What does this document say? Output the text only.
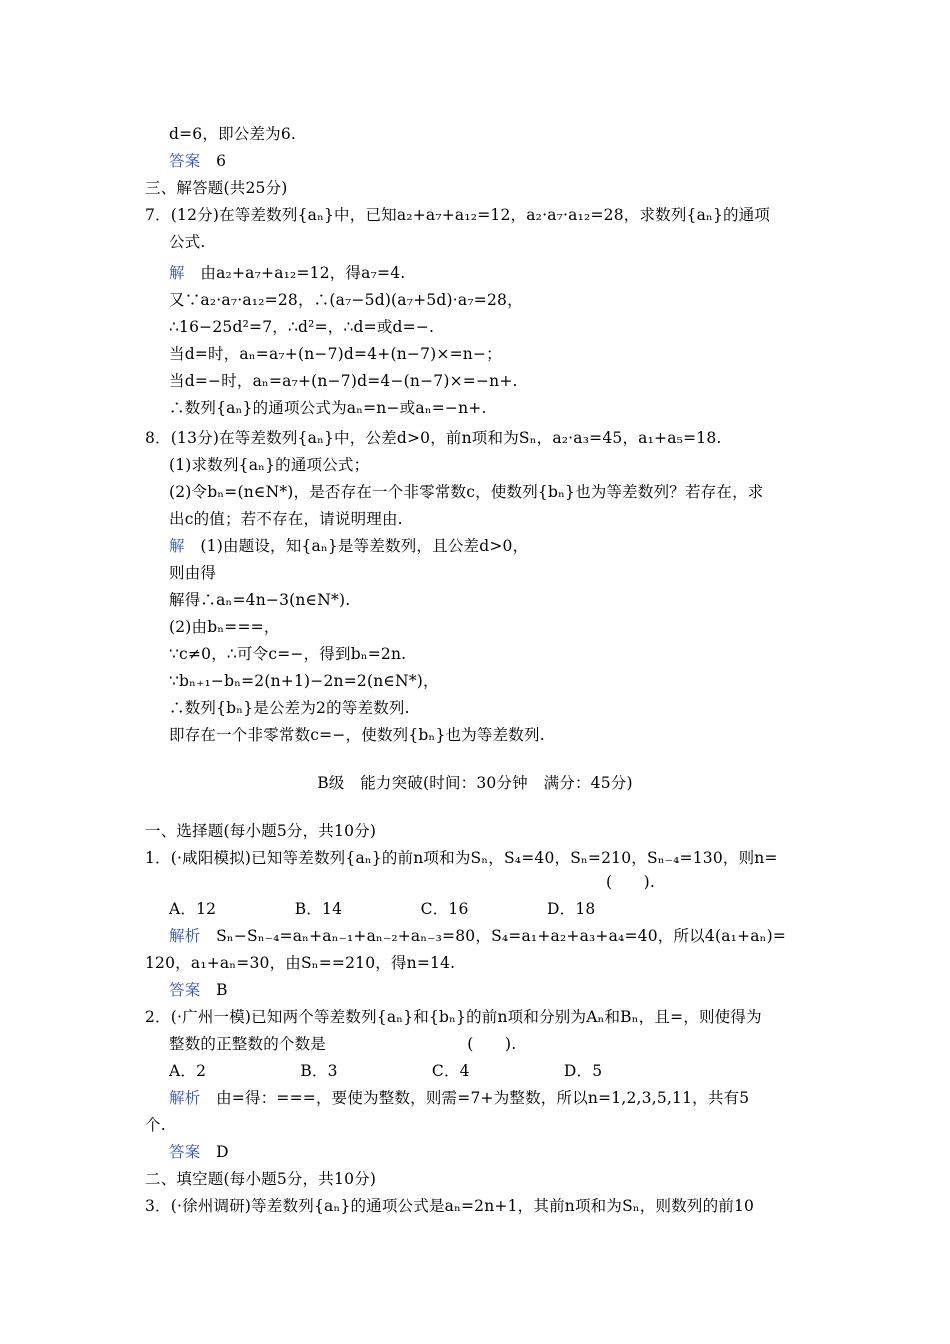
d=6，即公差为6.
答案　 6
三、解答题(共25分)
7．(12分)在等差数列{aₙ}中，已知a₂+a₇+a₁₂=12，a₂·a₇·a₁₂=28，求数列{aₙ}的通项
公式.
解　 由a₂+a₇+a₁₂=12，得a₇=4.
又∵a₂·a₇·a₁₂=28，∴(a₇−5d)(a₇+5d)·a₇=28，
∴16−25d²=7，∴d²=，∴d=或d=−.
当d=时，aₙ=a₇+(n−7)d=4+(n−7)×=n−；
当d=−时，aₙ=a₇+(n−7)d=4−(n−7)×=−n+.
∴数列{aₙ}的通项公式为aₙ=n−或aₙ=−n+.
8．(13分)在等差数列{aₙ}中，公差d>0，前n项和为Sₙ，a₂·a₃=45，a₁+a₅=18.
(1)求数列{aₙ}的通项公式；
(2)令bₙ=(n∈N*)，是否存在一个非零常数c，使数列{bₙ}也为等差数列？若存在，求
出c的值；若不存在，请说明理由.
解　 (1)由题设，知{aₙ}是等差数列，且公差d>0，
则由得
解得∴aₙ=4n−3(n∈N*).
(2)由bₙ===，
∵c≠0，∴可令c=−，得到bₙ=2n.
∵bₙ₊₁−bₙ=2(n+1)−2n=2(n∈N*)，
∴数列{bₙ}是公差为2的等差数列.
即存在一个非零常数c=−，使数列{bₙ}也为等差数列.
B级　能力突破(时间：30分钟　满分：45分)
一、选择题(每小题5分，共10分)
1．(·咸阳模拟)已知等差数列{aₙ}的前n项和为Sₙ，S₄=40，Sₙ=210，Sₙ₋₄=130，则n=
(　　).
A．12　　　　　B．14　　　　　C．16　　　　　D．18
解析　 Sₙ−Sₙ₋₄=aₙ+aₙ₋₁+aₙ₋₂+aₙ₋₃=80，S₄=a₁+a₂+a₃+a₄=40，所以4(a₁+aₙ)=
120，a₁+aₙ=30，由Sₙ==210，得n=14.
答案　 B
2．(·广州一模)已知两个等差数列{aₙ}和{bₙ}的前n项和分别为Aₙ和Bₙ，且=，则使得为
整数的正整数的个数是　　　　　　　　　(　　).
A．2　　　　　　B．3　　　　　　C．4　　　　　　D．5
解析　 由=得：===，要使为整数，则需=7+为整数，所以n=1,2,3,5,11，共有5
个.
答案　 D
二、填空题(每小题5分，共10分)
3．(·徐州调研)等差数列{aₙ}的通项公式是aₙ=2n+1，其前n项和为Sₙ，则数列的前10
